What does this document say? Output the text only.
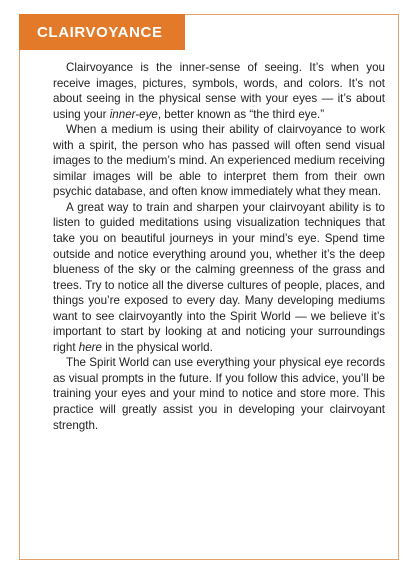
CLAIRVOYANCE

Clairvoyance is the inner-sense of seeing. It’s when you receive images, pictures, symbols, words, and colors. It’s not about seeing in the physical sense with your eyes — it’s about using your inner-eye, better known as “the third eye.”

When a medium is using their ability of clairvoyance to work with a spirit, the person who has passed will often send visual images to the medium’s mind. An experienced medium receiving similar images will be able to interpret them from their own psychic database, and often know immediately what they mean.

A great way to train and sharpen your clairvoyant ability is to listen to guided meditations using visualization techniques that take you on beautiful journeys in your mind’s eye. Spend time outside and notice everything around you, whether it’s the deep blueness of the sky or the calming greenness of the grass and trees. Try to notice all the diverse cultures of people, places, and things you’re exposed to every day. Many developing mediums want to see clairvoyantly into the Spirit World — we believe it’s important to start by looking at and noticing your surroundings right here in the physical world.

The Spirit World can use everything your physical eye records as visual prompts in the future. If you follow this advice, you’ll be training your eyes and your mind to notice and store more. This practice will greatly assist you in developing your clairvoyant strength.
